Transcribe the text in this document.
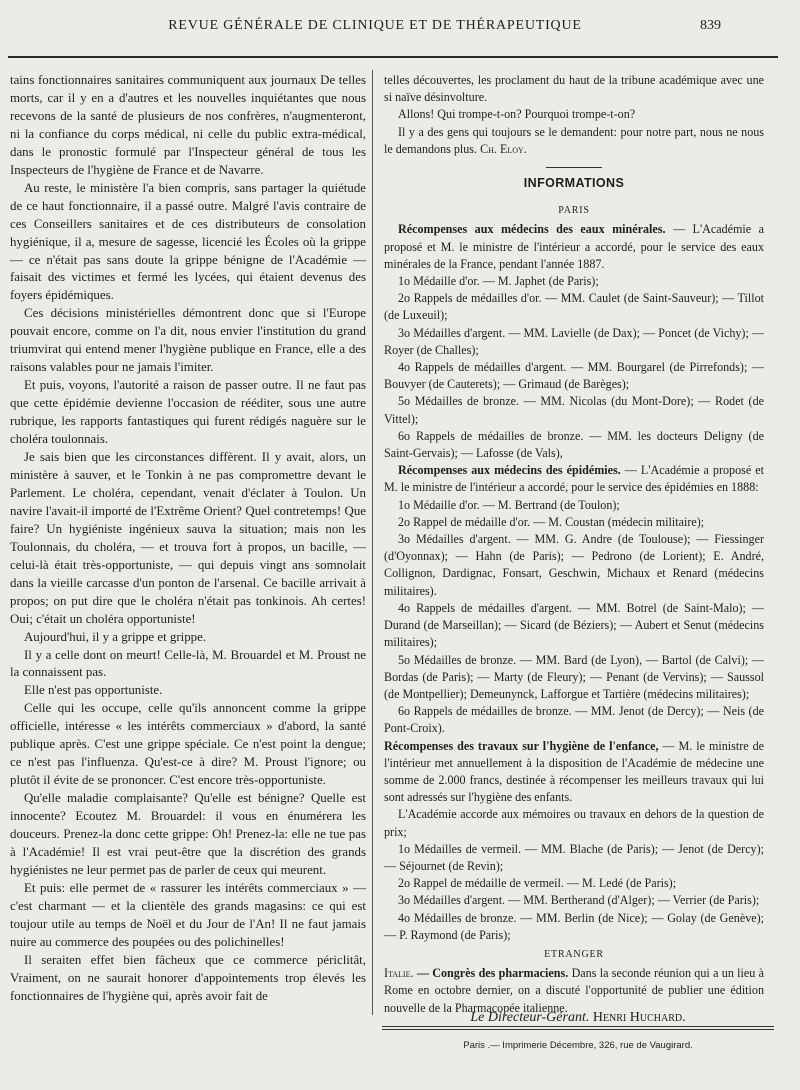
REVUE GÉNÉRALE DE CLINIQUE ET DE THÉRAPEUTIQUE	839

tains fonctionnaires sanitaires communiquent aux journaux De telles morts, car il y en a d'autres et les nouvelles inquiétantes que nous recevons de la santé de plusieurs de nos confrères, n'augmenteront, ni la confiance du corps médical, ni celle du public extra-médical, dans le pronostic formulé par l'Inspecteur général de tous les Inspecteurs de l'hygiène de France et de Navarre.

Au reste, le ministère l'a bien compris, sans partager la quiétude de ce haut fonctionnaire, il a passé outre. Malgré l'avis contraire de ces Conseillers sanitaires et de ces distributeurs de consolation hygiénique, il a, mesure de sagesse, licencié les Écoles où la grippe — ce n'était pas sans doute la grippe bénigne de l'Académie — faisait des victimes et fermé les lycées, qui étaient devenus des foyers épidémiques.

Ces décisions ministérielles démontrent donc que si l'Europe pouvait encore, comme on l'a dit, nous envier l'institution du grand triumvirat qui entend mener l'hygiène publique en France, elle a des raisons valables pour ne jamais l'imiter.

Et puis, voyons, l'autorité a raison de passer outre. Il ne faut pas que cette épidémie devienne l'occasion de rééditer, sous une autre rubrique, les rapports fantastiques qui furent rédigés naguère sur le choléra toulonnais.

Je sais bien que les circonstances diffèrent. Il y avait, alors, un ministère à sauver, et le Tonkin à ne pas compromettre devant le Parlement. Le choléra, cependant, venait d'éclater à Toulon. Un navire l'avait-il importé de l'Extrême Orient? Quel contretemps! Que faire? Un hygiéniste ingénieux sauva la situation; mais non les Toulonnais, du choléra, — et trouva fort à propos, un bacille, — celui-là était très-opportuniste, — qui depuis vingt ans somnolait dans la vieille carcasse d'un ponton de l'arsenal. Ce bacille arrivait à propos; on put dire que le choléra n'était pas tonkinois. Ah certes! Oui; c'était un choléra opportuniste!

Aujourd'hui, il y a grippe et grippe.

Il y a celle dont on meurt! Celle-là, M. Brouardel et M. Proust ne la connaissent pas.

Elle n'est pas opportuniste.

Celle qui les occupe, celle qu'ils annoncent comme la grippe officielle, intéresse « les intérêts commerciaux » d'abord, la santé publique après. C'est une grippe spéciale. Ce n'est point la dengue; ce n'est pas l'influenza. Qu'est-ce à dire? M. Proust l'ignore; ou plutôt il évite de se prononcer. C'est encore très-opportuniste.

Qu'elle maladie complaisante? Qu'elle est bénigne? Quelle est innocente? Ecoutez M. Brouardel: il vous en énumérera les douceurs. Prenez-la donc cette grippe: Oh! Prenez-la: elle ne tue pas à l'Académie! Il est vrai peut-être que la discrétion des grands hygiénistes ne leur permet pas de parler de ceux qui meurent.

Et puis: elle permet de « rassurer les intérêts commerciaux » — c'est charmant — et la clientèle des grands magasins: ce qui est toujour utile au temps de Noël et du Jour de l'An! Il ne faut jamais nuire au commerce des poupées ou des polichinelles!

Il seraiten effet bien fâcheux que ce commerce périclitât, Vraiment, on ne saurait honorer d'appointements trop élevés les fonctionnaires de l'hygiène qui, après avoir fait de

telles découvertes, les proclament du haut de la tribune académique avec une si naïve désinvolture.

Allons! Qui trompe-t-on? Pourquoi trompe-t-on?

Il y a des gens qui toujours se le demandent: pour notre part, nous ne nous le demandons plus. Ch. Eloy.

INFORMATIONS
PARIS

Récompenses aux médecins des eaux minérales. — L'Académie a proposé et M. le ministre de l'intérieur a accordé, pour le service des eaux minérales de la France, pendant l'année 1887.

1o Médaille d'or. — M. Japhet (de Paris);

2o Rappels de médailles d'or. — MM. Caulet (de Saint-Sauveur); — Tillot (de Luxeuil);

3o Médailles d'argent. — MM. Lavielle (de Dax); — Poncet (de Vichy); — Royer (de Challes);

4o Rappels de médailles d'argent. — MM. Bourgarel (de Pirrefonds); — Bouvyer (de Cauterets); — Grimaud (de Barèges);

5o Médailles de bronze. — MM. Nicolas (du Mont-Dore); — Rodet (de Vittel);

6o Rappels de médailles de bronze. — MM. les docteurs Deligny (de Saint-Gervais); — Lafosse (de Vals),

Récompenses aux médecins des épidémies. — L'Académie a proposé et M. le ministre de l'intérieur a accordé, pour le service des épidémies en 1888:

1o Médaille d'or. — M. Bertrand (de Toulon);

2o Rappel de médaille d'or. — M. Coustan (médecin militaire);

3o Médailles d'argent. — MM. G. Andre (de Toulouse); — Fiessinger (d'Oyonnax); — Hahn (de Paris); — Pedrono (de Lorient); E. André, Collignon, Dardignac, Fonsart, Geschwin, Michaux et Renard (médecins militaires).

4o Rappels de médailles d'argent. — MM. Botrel (de Saint-Malo); — Durand (de Marseillan); — Sicard (de Béziers); — Aubert et Senut (médecins militaires);

5o Médailles de bronze. — MM. Bard (de Lyon), — Bartol (de Calvi); — Bordas (de Paris); — Marty (de Fleury); — Penant (de Vervins); — Saussol (de Montpellier); Demeunynck, Lafforgue et Tartière (médecins militaires);

6o Rappels de médailles de bronze. — MM. Jenot (de Dercy); — Neis (de Pont-Croix).

Récompenses des travaux sur l'hygiène de l'enfance, — M. le ministre de l'intérieur met annuellement à la disposition de l'Académie de médecine une somme de 2.000 francs, destinée à récompenser les meilleurs travaux qui lui sont adressés sur l'hygiène des enfants.

L'Académie accorde aux mémoires ou travaux en dehors de la question de prix;

1o Médailles de vermeil. — MM. Blache (de Paris); — Jenot (de Dercy); — Séjournet (de Revin);

2o Rappel de médaille de vermeil. — M. Ledé (de Paris);

3o Médailles d'argent. — MM. Bertherand (d'Alger); — Verrier (de Paris);

4o Médailles de bronze. — MM. Berlin (de Nice); — Golay (de Genève); — P. Raymond (de Paris);

ETRANGER

Italie. — Congrès des pharmaciens. Dans la seconde réunion qui a un lieu à Rome en octobre dernier, on a discuté l'opportunité de publier une édition nouvelle de la Pharmacopée italienne.

Le Directeur-Gérant. Henri Huchard.
Paris .— Imprimerie Décembre, 326, rue de Vaugirard.
